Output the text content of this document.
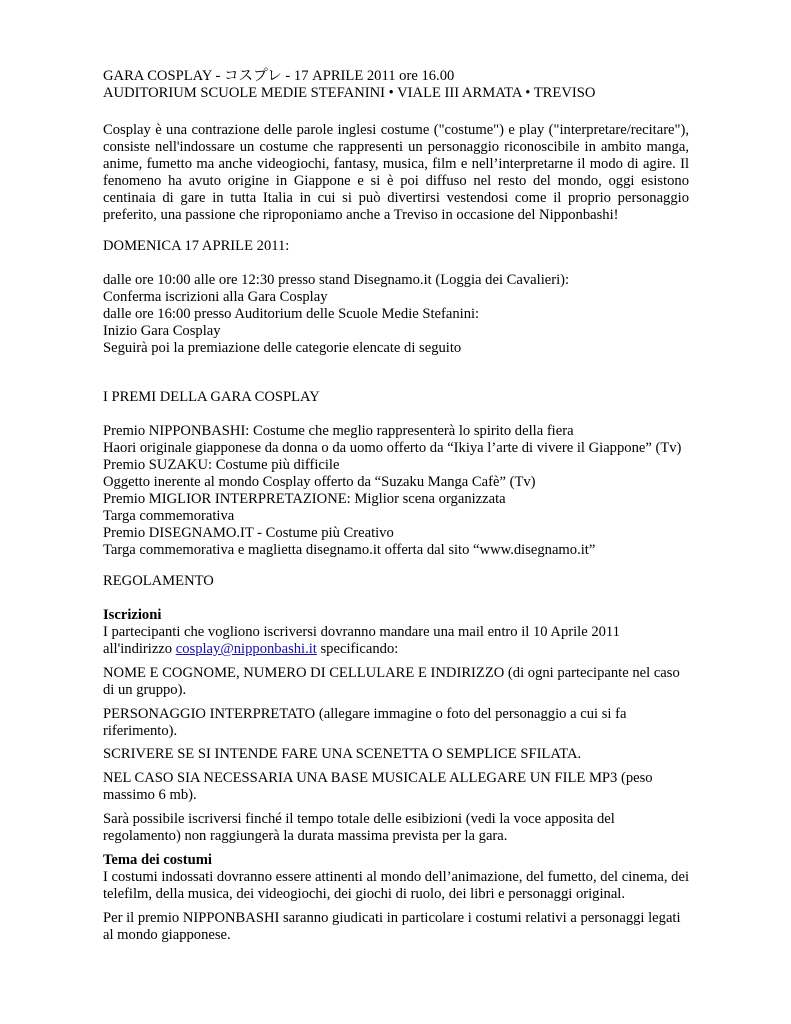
GARA COSPLAY - コスプレ - 17 APRILE 2011 ore 16.00
AUDITORIUM SCUOLE MEDIE STEFANINI • VIALE III ARMATA • TREVISO
Cosplay è una contrazione delle parole inglesi costume ("costume") e play ("interpretare/recitare"),
consiste nell'indossare un costume che rappresenti un personaggio riconoscibile in ambito manga,
anime, fumetto ma anche videogiochi, fantasy, musica, film e nell’interpretarne il modo di agire. Il
fenomeno ha avuto origine in Giappone e si è poi diffuso nel resto del mondo, oggi esistono
centinaia di gare in tutta Italia in cui si può divertirsi vestendosi come il proprio personaggio
preferito, una passione che riproponiamo anche a Treviso in occasione del Nipponbashi!
DOMENICA 17 APRILE 2011:
dalle ore 10:00 alle ore 12:30 presso stand Disegnamo.it (Loggia dei Cavalieri):
Conferma iscrizioni alla Gara Cosplay
dalle ore 16:00 presso Auditorium delle Scuole Medie Stefanini:
Inizio Gara Cosplay
Seguirà poi la premiazione delle categorie elencate di seguito
I PREMI DELLA GARA COSPLAY
Premio NIPPONBASHI: Costume che meglio rappresenterà lo spirito della fiera
Haori originale giapponese da donna o da uomo offerto da “Ikiya l’arte di vivere il Giappone” (Tv)
Premio SUZAKU: Costume più difficile
Oggetto inerente al mondo Cosplay offerto da “Suzaku Manga Cafè” (Tv)
Premio MIGLIOR INTERPRETAZIONE: Miglior scena organizzata
Targa commemorativa
Premio DISEGNAMO.IT - Costume più Creativo
Targa commemorativa e maglietta disegnamo.it offerta dal sito “www.disegnamo.it”
REGOLAMENTO
Iscrizioni
I partecipanti che vogliono iscriversi dovranno mandare una mail entro il 10 Aprile 2011
all'indirizzo cosplay@nipponbashi.it specificando:
NOME E COGNOME, NUMERO DI CELLULARE E INDIRIZZO (di ogni partecipante nel caso
di un gruppo).
PERSONAGGIO INTERPRETATO (allegare immagine o foto del personaggio a cui si fa
riferimento).
SCRIVERE SE SI INTENDE FARE UNA SCENETTA O SEMPLICE SFILATA.
NEL CASO SIA NECESSARIA UNA BASE MUSICALE ALLEGARE UN FILE MP3 (peso
massimo 6 mb).
Sarà possibile iscriversi finché il tempo totale delle esibizioni (vedi la voce apposita del
regolamento) non raggiungerà la durata massima prevista per la gara.
Tema dei costumi
I costumi indossati dovranno essere attinenti al mondo dell’animazione, del fumetto, del cinema, dei
telefilm, della musica, dei videogiochi, dei giochi di ruolo, dei libri e personaggi original.
Per il premio NIPPONBASHI saranno giudicati in particolare i costumi relativi a personaggi legati
al mondo giapponese.
